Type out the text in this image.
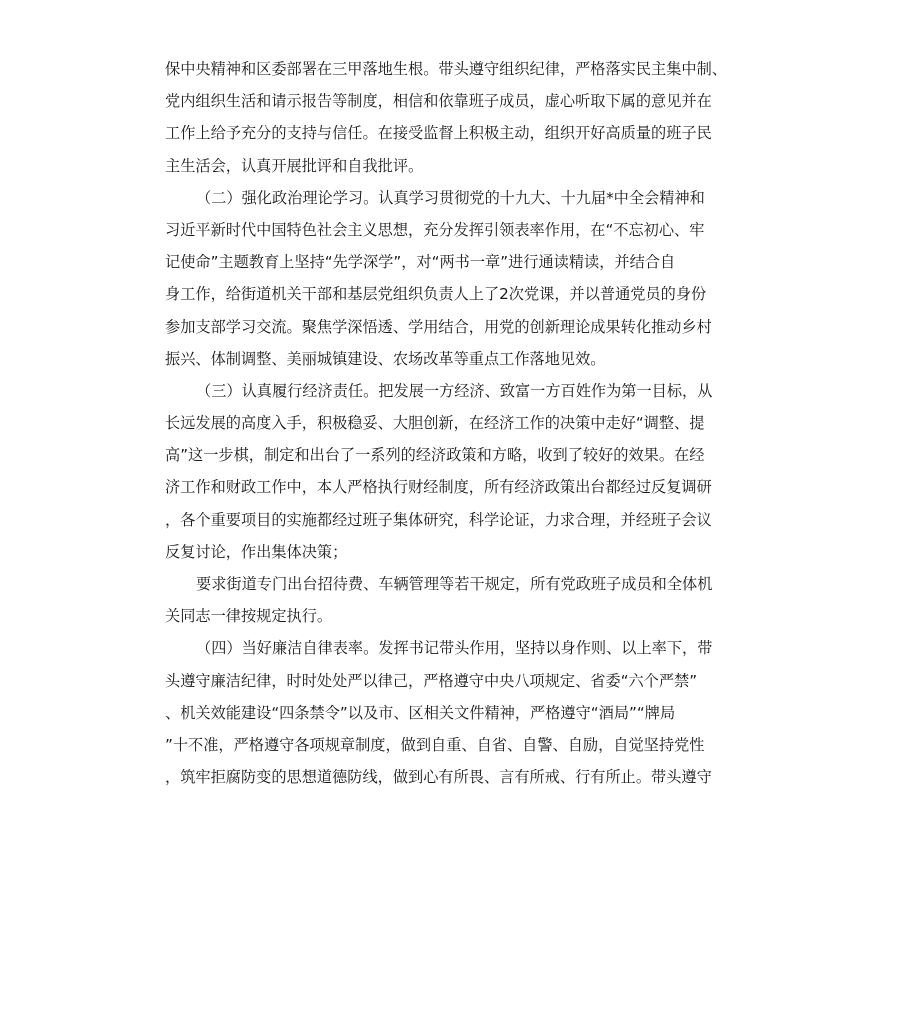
保中央精神和区委部署在三甲落地生根。带头遵守组织纪律，严格落实民主集中制、
党内组织生活和请示报告等制度，相信和依靠班子成员，虚心听取下属的意见并在
工作上给予充分的支持与信任。在接受监督上积极主动，组织开好高质量的班子民
主生活会，认真开展批评和自我批评。
（二）强化政治理论学习。认真学习贯彻党的十九大、十九届*中全会精神和
习近平新时代中国特色社会主义思想，充分发挥引领表率作用，在“不忘初心、牢
记使命”主题教育上坚持“先学深学”，对“两书一章”进行通读精读，并结合自
身工作，给街道机关干部和基层党组织负责人上了2次党课，并以普通党员的身份
参加支部学习交流。聚焦学深悟透、学用结合，用党的创新理论成果转化推动乡村
振兴、体制调整、美丽城镇建设、农场改革等重点工作落地见效。
（三）认真履行经济责任。把发展一方经济、致富一方百姓作为第一目标，从
长远发展的高度入手，积极稳妥、大胆创新，在经济工作的决策中走好“调整、提
高”这一步棋，制定和出台了一系列的经济政策和方略，收到了较好的效果。在经
济工作和财政工作中，本人严格执行财经制度，所有经济政策出台都经过反复调研
，各个重要项目的实施都经过班子集体研究，科学论证，力求合理，并经班子会议
反复讨论，作出集体决策；
要求街道专门出台招待费、车辆管理等若干规定，所有党政班子成员和全体机
关同志一律按规定执行。
（四）当好廉洁自律表率。发挥书记带头作用，坚持以身作则、以上率下，带
头遵守廉洁纪律，时时处处严以律己，严格遵守中央八项规定、省委“六个严禁”
、机关效能建设“四条禁令”以及市、区相关文件精神，严格遵守“酒局”“牌局
”十不准，严格遵守各项规章制度，做到自重、自省、自警、自励，自觉坚持党性
，筑牢拒腐防变的思想道德防线，做到心有所畏、言有所戒、行有所止。带头遵守
